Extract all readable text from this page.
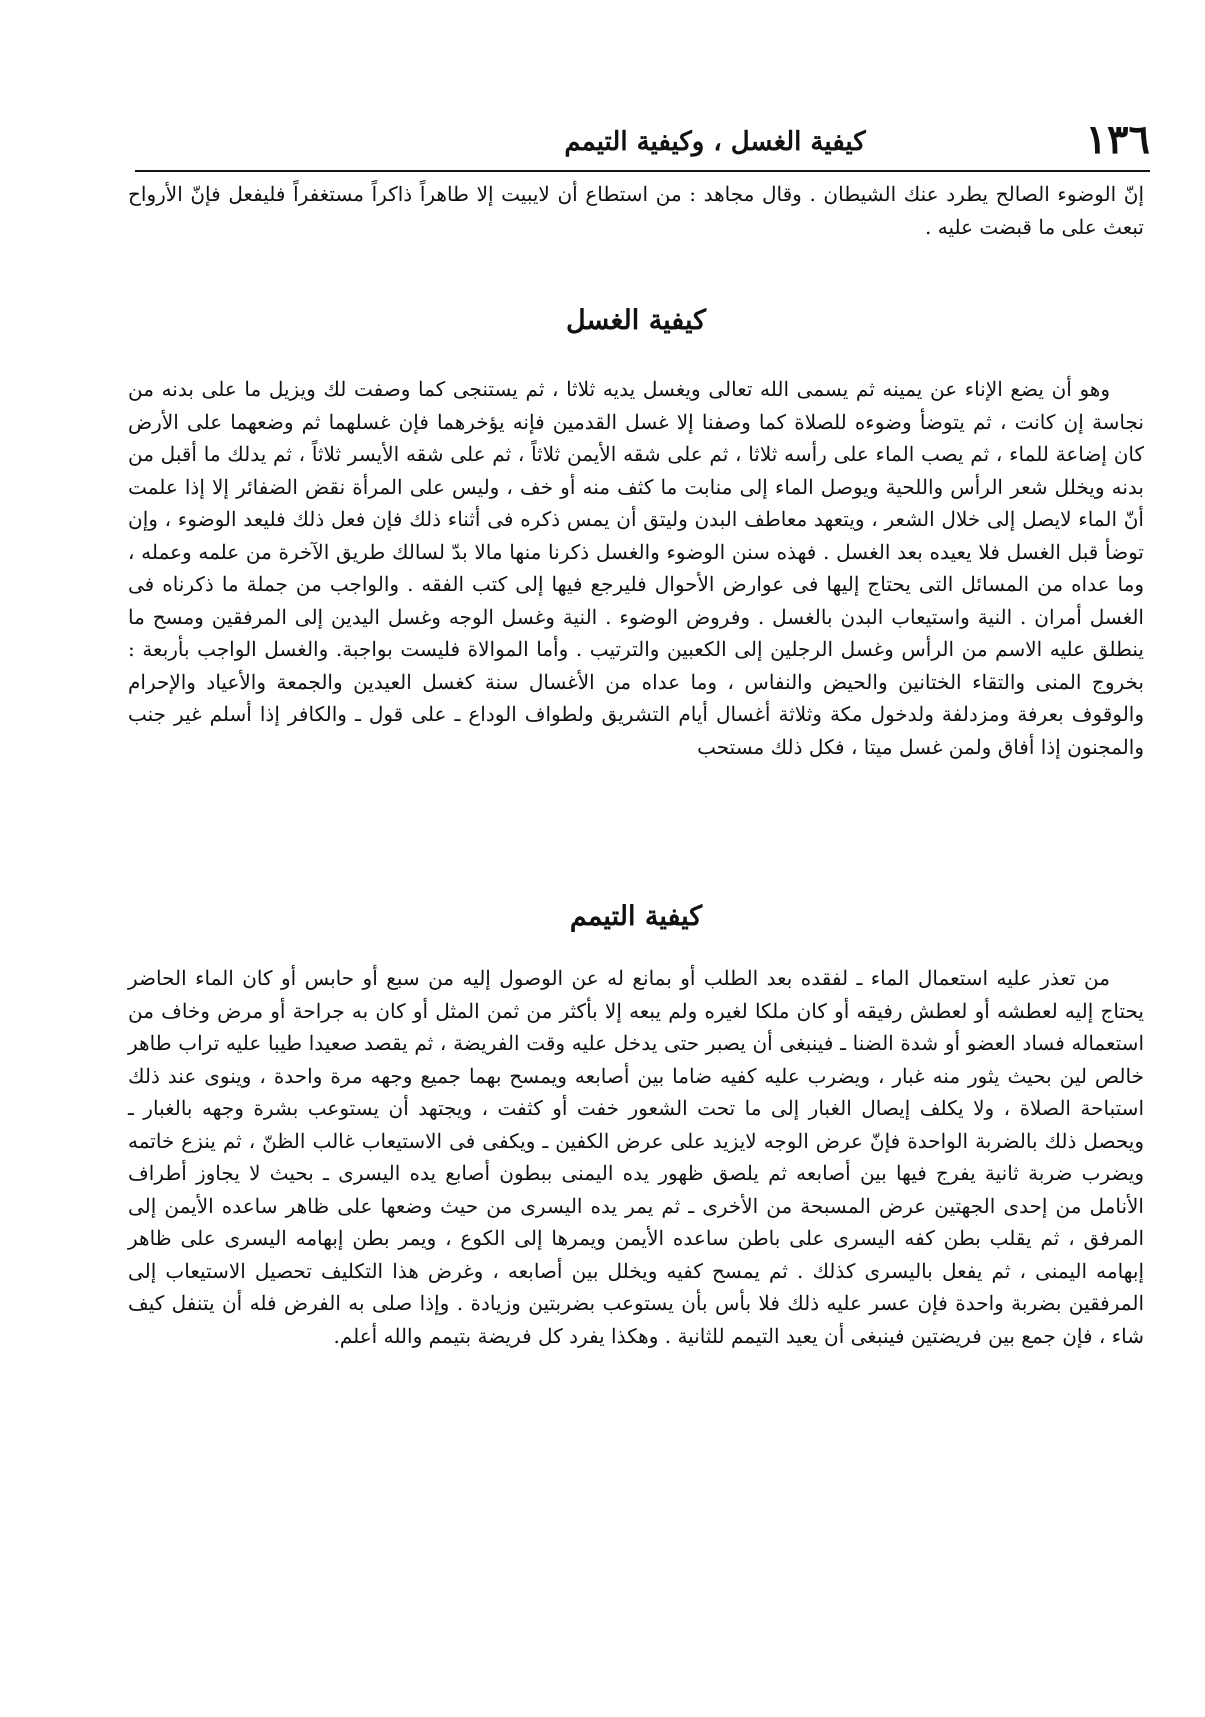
١٣٦
كيفية الغسل ، وكيفية التيمم

إنّ الوضوء الصالح يطرد عنك الشيطان . وقال مجاهد : من استطاع أن لايبيت إلا طاهراً ذاكراً مستغفراً فليفعل فإنّ الأرواح تبعث على ما قبضت عليه .

كيفية الغسل

وهو أن يضع الإناء عن يمينه ثم يسمى الله تعالى ويغسل يديه ثلاثا ، ثم يستنجى كما وصفت لك ويزيل ما على بدنه من نجاسة إن كانت ، ثم يتوضأ وضوءه للصلاة كما وصفنا إلا غسل القدمين فإنه يؤخرهما فإن غسلهما ثم وضعهما على الأرض كان إضاعة للماء ، ثم يصب الماء على رأسه ثلاثا ، ثم على شقه الأيمن ثلاثاً ، ثم على شقه الأيسر ثلاثاً ، ثم يدلك ما أقبل من بدنه ويخلل شعر الرأس واللحية ويوصل الماء إلى منابت ما كثف منه أو خف ، وليس على المرأة نقض الضفائر إلا إذا علمت أنّ الماء لايصل إلى خلال الشعر ، ويتعهد معاطف البدن وليتق أن يمس ذكره فى أثناء ذلك فإن فعل ذلك فليعد الوضوء ، وإن توضأ قبل الغسل فلا يعيده بعد الغسل . فهذه سنن الوضوء والغسل ذكرنا منها مالا بدّ لسالك طريق الآخرة من علمه وعمله ، وما عداه من المسائل التى يحتاج إليها فى عوارض الأحوال فليرجع فيها إلى كتب الفقه . والواجب من جملة ما ذكرناه فى الغسل أمران . النية واستيعاب البدن بالغسل . وفروض الوضوء . النية وغسل الوجه وغسل اليدين إلى المرفقين ومسح ما ينطلق عليه الاسم من الرأس وغسل الرجلين إلى الكعبين والترتيب . وأما الموالاة فليست بواجبة. والغسل الواجب بأربعة : بخروج المنى والتقاء الختانين والحيض والنفاس ، وما عداه من الأغسال سنة كغسل العيدين والجمعة والأعياد والإحرام والوقوف بعرفة ومزدلفة ولدخول مكة وثلاثة أغسال أيام التشريق ولطواف الوداع ـ على قول ـ والكافر إذا أسلم غير جنب والمجنون إذا أفاق ولمن غسل ميتا ، فكل ذلك مستحب

كيفية التيمم

من تعذر عليه استعمال الماء ـ لفقده بعد الطلب أو بمانع له عن الوصول إليه من سبع أو حابس أو كان الماء الحاضر يحتاج إليه لعطشه أو لعطش رفيقه أو كان ملكا لغيره ولم يبعه إلا بأكثر من ثمن المثل أو كان به جراحة أو مرض وخاف من استعماله فساد العضو أو شدة الضنا ـ فينبغى أن يصبر حتى يدخل عليه وقت الفريضة ، ثم يقصد صعيدا طيبا عليه تراب طاهر خالص لين بحيث يثور منه غبار ، ويضرب عليه كفيه ضاما بين أصابعه ويمسح بهما جميع وجهه مرة واحدة ، وينوى عند ذلك استباحة الصلاة ، ولا يكلف إيصال الغبار إلى ما تحت الشعور خفت أو كثفت ، ويجتهد أن يستوعب بشرة وجهه بالغبار ـ ويحصل ذلك بالضربة الواحدة فإنّ عرض الوجه لايزيد على عرض الكفين ـ ويكفى فى الاستيعاب غالب الظنّ ، ثم ينزع خاتمه ويضرب ضربة ثانية يفرج فيها بين أصابعه ثم يلصق ظهور يده اليمنى ببطون أصابع يده اليسرى ـ بحيث لا يجاوز أطراف الأنامل من إحدى الجهتين عرض المسبحة من الأخرى ـ ثم يمر يده اليسرى من حيث وضعها على ظاهر ساعده الأيمن إلى المرفق ، ثم يقلب بطن كفه اليسرى على باطن ساعده الأيمن ويمرها إلى الكوع ، ويمر بطن إبهامه اليسرى على ظاهر إبهامه اليمنى ، ثم يفعل باليسرى كذلك . ثم يمسح كفيه ويخلل بين أصابعه ، وغرض هذا التكليف تحصيل الاستيعاب إلى المرفقين بضربة واحدة فإن عسر عليه ذلك فلا بأس بأن يستوعب بضربتين وزيادة . وإذا صلى به الفرض فله أن يتنفل كيف شاء ، فإن جمع بين فريضتين فينبغى أن يعيد التيمم للثانية . وهكذا يفرد كل فريضة بتيمم والله أعلم.
